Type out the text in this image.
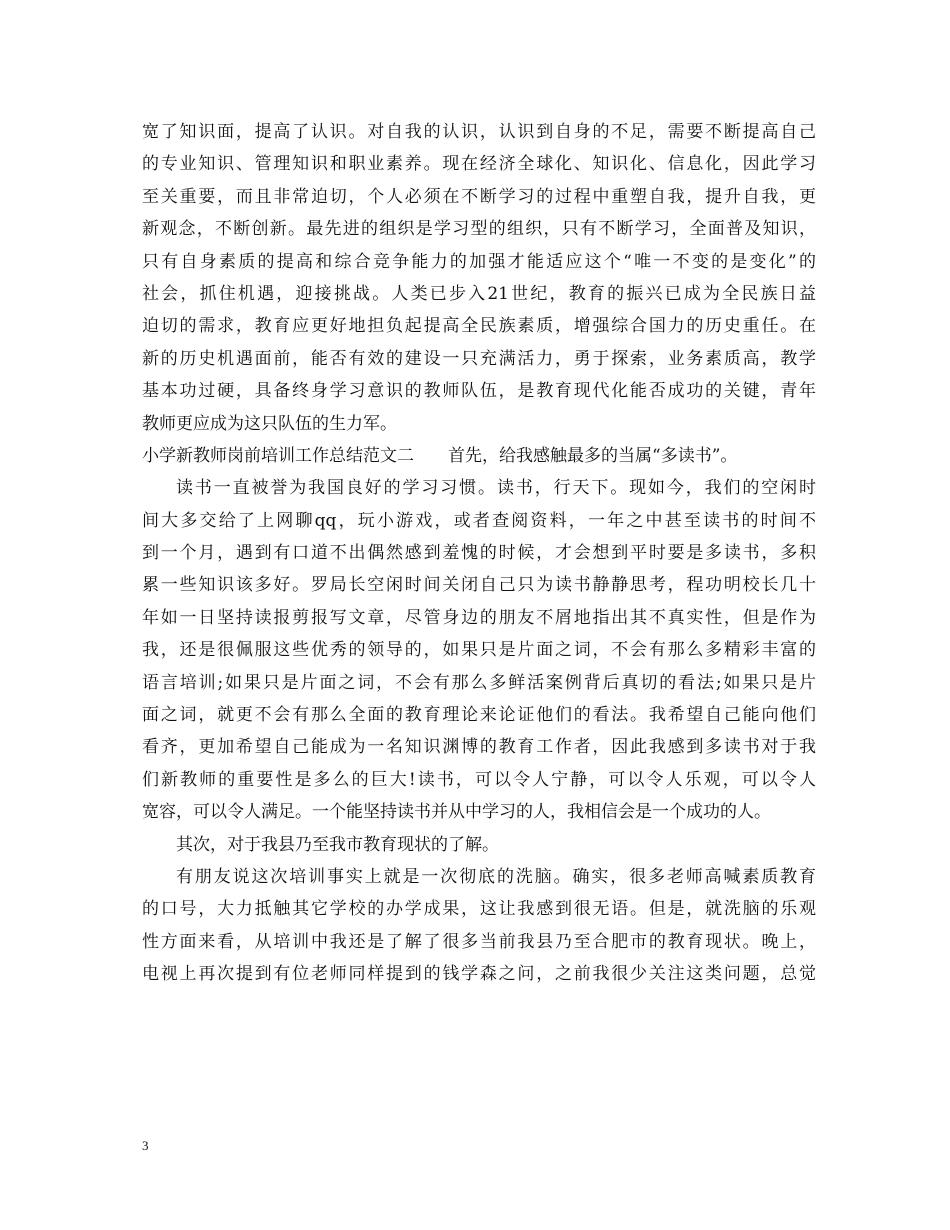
宽了知识面，提高了认识。对自我的认识，认识到自身的不足，需要不断提高自己
的专业知识、管理知识和职业素养。现在经济全球化、知识化、信息化，因此学习
至关重要，而且非常迫切，个人必须在不断学习的过程中重塑自我，提升自我，更
新观念，不断创新。最先进的组织是学习型的组织，只有不断学习，全面普及知识，
只有自身素质的提高和综合竞争能力的加强才能适应这个“唯一不变的是变化”的
社会，抓住机遇，迎接挑战。人类已步入21世纪，教育的振兴已成为全民族日益
迫切的需求，教育应更好地担负起提高全民族素质，增强综合国力的历史重任。在
新的历史机遇面前，能否有效的建设一只充满活力，勇于探索，业务素质高，教学
基本功过硬，具备终身学习意识的教师队伍，是教育现代化能否成功的关键，青年
教师更应成为这只队伍的生力军。
小学新教师岗前培训工作总结范文二　　首先，给我感触最多的当属“多读书”。
读书一直被誉为我国良好的学习习惯。读书，行天下。现如今，我们的空闲时
间大多交给了上网聊qq，玩小游戏，或者查阅资料，一年之中甚至读书的时间不
到一个月，遇到有口道不出偶然感到羞愧的时候，才会想到平时要是多读书，多积
累一些知识该多好。罗局长空闲时间关闭自己只为读书静静思考，程功明校长几十
年如一日坚持读报剪报写文章，尽管身边的朋友不屑地指出其不真实性，但是作为
我，还是很佩服这些优秀的领导的，如果只是片面之词，不会有那么多精彩丰富的
语言培训;如果只是片面之词，不会有那么多鲜活案例背后真切的看法;如果只是片
面之词，就更不会有那么全面的教育理论来论证他们的看法。我希望自己能向他们
看齐，更加希望自己能成为一名知识渊博的教育工作者，因此我感到多读书对于我
们新教师的重要性是多么的巨大!读书，可以令人宁静，可以令人乐观，可以令人
宽容，可以令人满足。一个能坚持读书并从中学习的人，我相信会是一个成功的人。
其次，对于我县乃至我市教育现状的了解。
有朋友说这次培训事实上就是一次彻底的洗脑。确实，很多老师高喊素质教育
的口号，大力抵触其它学校的办学成果，这让我感到很无语。但是，就洗脑的乐观
性方面来看，从培训中我还是了解了很多当前我县乃至合肥市的教育现状。晚上，
电视上再次提到有位老师同样提到的钱学森之问，之前我很少关注这类问题，总觉
3
